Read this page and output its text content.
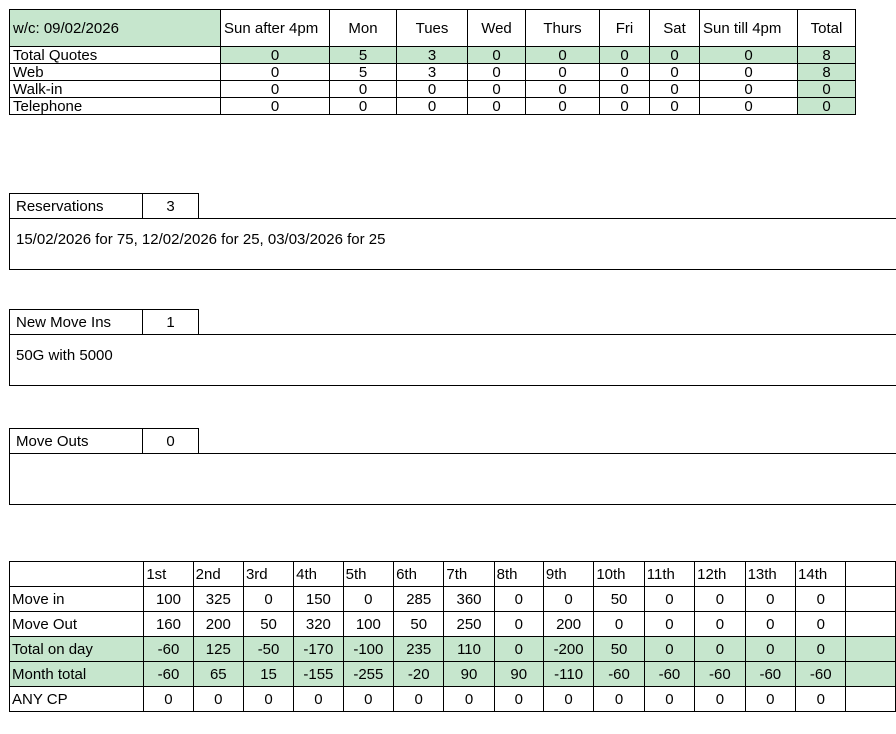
w/c: 09/02/2026	Sun after 4pm	Mon	Tues	Wed	Thurs	Fri	Sat	Sun till 4pm	Total
Total Quotes	0	5	3	0	0	0	0	0	8
Web	0	5	3	0	0	0	0	0	8
Walk-in	0	0	0	0	0	0	0	0	0
Telephone	0	0	0	0	0	0	0	0	0
Reservations	3
15/02/2026 for 75, 12/02/2026 for 25, 03/03/2026 for 25
New Move Ins	1
50G with 5000
Move Outs	0
	1st	2nd	3rd	4th	5th	6th	7th	8th	9th	10th	11th	12th	13th	14th	
Move in	100	325	0	150	0	285	360	0	0	50	0	0	0	0	
Move Out	160	200	50	320	100	50	250	0	200	0	0	0	0	0	
Total on day	-60	125	-50	-170	-100	235	110	0	-200	50	0	0	0	0	
Month total	-60	65	15	-155	-255	-20	90	90	-110	-60	-60	-60	-60	-60	
ANY CP	0	0	0	0	0	0	0	0	0	0	0	0	0	0	
